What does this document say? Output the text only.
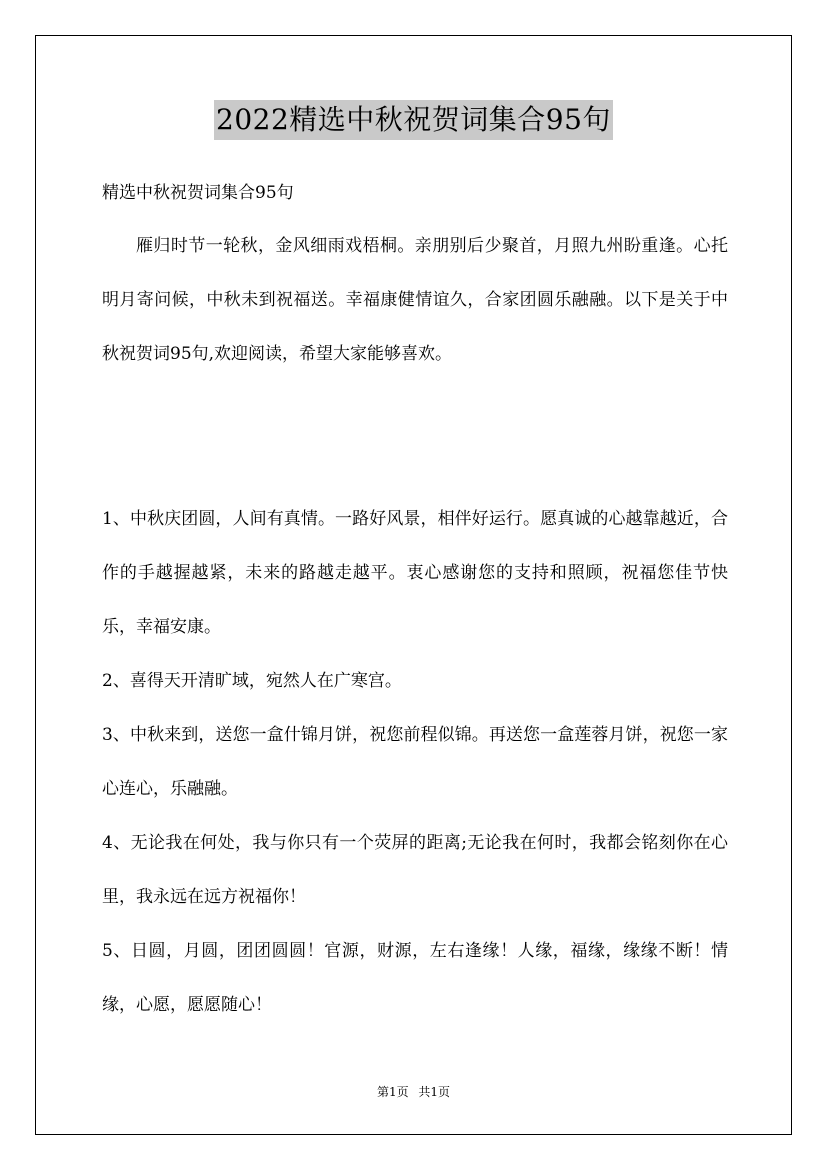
2022精选中秋祝贺词集合95句
精选中秋祝贺词集合95句

雁归时节一轮秋，金风细雨戏梧桐。亲朋别后少聚首，月照九州盼重逢。心托明月寄问候，中秋未到祝福送。幸福康健情谊久，合家团圆乐融融。以下是关于中秋祝贺词95句,欢迎阅读，希望大家能够喜欢。

1、中秋庆团圆，人间有真情。一路好风景，相伴好运行。愿真诚的心越靠越近，合作的手越握越紧，未来的路越走越平。衷心感谢您的支持和照顾，祝福您佳节快乐，幸福安康。
2、喜得天开清旷域，宛然人在广寒宫。
3、中秋来到，送您一盒什锦月饼，祝您前程似锦。再送您一盒莲蓉月饼，祝您一家心连心，乐融融。
4、无论我在何处，我与你只有一个荧屏的距离;无论我在何时，我都会铭刻你在心里，我永远在远方祝福你！
5、日圆，月圆，团团圆圆！官源，财源，左右逢缘！人缘，福缘，缘缘不断！情缘，心愿，愿愿随心！
第1页 共1页
